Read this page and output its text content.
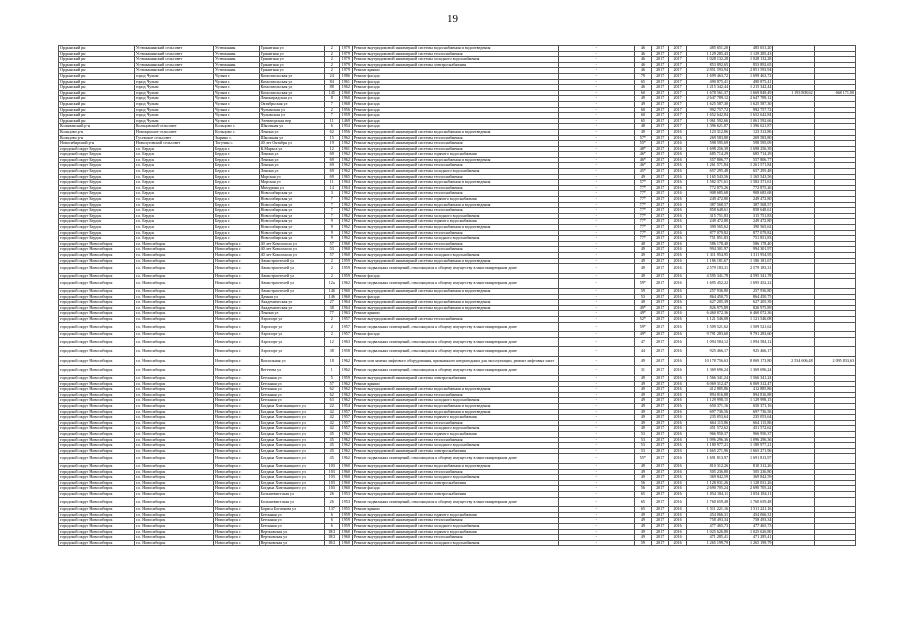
19
Ордынский рн	Устюжанинский сельсовет	Устюжанин.	Гранитная ул	2	1979	Ремонт внутридомовой инженерной системы водоснабжения и водоотведения	-	46	2017	2017	485 651,20	485 651,20		
Ордынский рн	Устюжанинский сельсовет	Устюжанин.	Гранитная ул	2	1979	Ремонт внутридомовой инженерной системы теплоснабжения	-	46	2017	2017	1 129 285,43	1 129 285,43		
Ордынский рн	Устюжанинский сельсовет	Устюжанин.	Гранитная ул	2	1979	Ремонт внутридомовой инженерной системы холодного водоснабжения	-	46	2017	2017	1 028 132,28	1 028 132,28		
Ордынский рн	Устюжанинский сельсовет	Устюжанин.	Гранитная ул	2	1979	Ремонт внутридомовой инженерной системы электроснабжения	-	46	2017	2017	853 892,65	853 892,65		
Ордынский рн	Устюжанинский сельсовет	Устюжанин.	Гранитная ул	2	1979	Ремонт крыши	-	46	2017	2017	2 851 593,94	2 851 593,94		
Ордынский рн	город Чулым	Чулым г.	Комсомольская ул	24	1986	Ремонт фасада	-	79	2017	2017	1 699 463,72	1 699 463,72		
Ордынский рн	город Чулым	Чулым г.	Комсомольская ул	84	1961	Ремонт фасада	-	65	2017	2017	490 875,41	490 875,41		
Ордынский рн	город Чулым	Чулым г.	Комсомольская ул	88	1962	Ремонт фасада	-	46	2017	2017	1 215 342,44	1 215 342,44		
Ордынский рн	город Чулым	Чулым г.	Комсомольская ул	145	1960	Ремонт фасада	-	60	2017	2017	1 678 561,37	1 669 849,49	1 193 808,62	668 171,00
Ордынский рн	город Чулым	Чулым г.	Ленинградская ул	8	1960	Ремонт фасада	-	49	2017	2017	2 647 789,12	2 647 789,12		
Ордынский рн	город Чулым	Чулым г.	Октябрьская ул	7	1968	Ремонт фасада	-	49	2017	2017	1 625 587,30	1 625 587,30		
Ордынский рн	город Чулым	Чулым г.	Чулымская ул	2	1956	Ремонт фасада	-	60	2017	2017	992 757,72	992 757,72		
Ордынский рн	город Чулым	Чулым г.	Чулымская ул	7	1959	Ремонт фасада	-	60	2017	2017	1 652 642,84	1 652 642,84		
Ордынский рн	город Чулым	Чулым г.	Элеваторская пер	11	1469	Ремонт фасада	-	65	2017	2017	1 061 592,66	1 061 592,66		
Колыванский р-н	Кольцовский сельсовет	Кольцово с.	Школьная ул	6	1954	Ремонт фасада	-	48	2017	2017	1 396 621,87	1 396 621,87		
Кольцово р-н	Новокрасное сельсовет	Кольцово с.	Ленина ул	62	1956	Ремонт внутридомовой инженерной системы водоснабжения и водоотведения	-	49	2017	2016	123 312,86	123 312,86		
Кольцово р-н	Гусевское сельсовет	Зырино с.	Школьная ул	15	1962	Ремонт внутридомовой инженерной системы теплоснабжения	-	57*	2017	2016	269 583,80	269 583,80		
Новосибирский р-н	Новолуговской сельсовет	Тогучин с.	40 лет Октября ул	19	1962	Ремонт внутридомовой инженерной системы теплоснабжения	-	55*	2017	2016	598 595,69	598 595,69		
городской округ Бердск	г.о. Бердск	Бердск г.	К.Маркса ул	12	1961	Ремонт внутридомовой инженерной системы теплоснабжения	-	48*	2017	2016	1 698 256,39	1 698 256,39		
городской округ Бердск	г.о. Бердск	Бердск г.	Ленина ул	69	1962	Ремонт внутридомовой инженерной системы горячего водоснабжения	-	46*	2017	2016	685 714,29	685 714,29		
городской округ Бердск	г.о. Бердск	Бердск г.	Ленина ул	69	1962	Ремонт внутридомовой инженерной системы водоснабжения и водоотведения	-	46*	2017	2016	557 806,77	557 806,77		
городской округ Бердск	г.о. Бердск	Бердск г.	Ленина ул	69	1962	Ремонт внутридомовой инженерной системы теплоснабжения	-	46*	2017	2016	1 261 571,84	1 261 571,84		
городской округ Бердск	г.о. Бердск	Бердск г.	Ленина ул	69	1962	Ремонт внутридомовой инженерной системы холодного водоснабжения	-	45*	2017	2016	657 295,48	657 295,48		
городской округ Бердск	г.о. Бердск	Бердск г.	Морская ул	69	1965	Ремонт внутридомовой инженерной системы теплоснабжения	-	49	2017	2016	1 165 543,56	1 165 543,56		
городской округ Бердск	г.о. Бердск	Бердск г.	Морская ул	11	1964	Ремонт внутридомовой инженерной системы водоснабжения и водоотведения	-	57*	2017	2016	1 582 371,61	1 582 371,61		
городской округ Бердск	г.о. Бердск	Бердск г.	Мичурина ул	14	1964	Ремонт внутридомовой инженерной системы теплоснабжения	-	77*	2017	2016	772 875,26	772 875,26		
городской округ Бердск	г.о. Бердск	Бердск г.	Новосибирская ул	3	1962	Ремонт внутридомовой инженерной системы теплоснабжения	-	77*	2017	2016	908 685,68	908 685,68		
городской округ Бердск	г.о. Бердск	Бердск г.	Новосибирская ул	7	1962	Ремонт внутридомовой инженерной системы горячего водоснабжения	-	77*	2017	2016	249 472,80	249 472,80		
городской округ Бердск	г.о. Бердск	Бердск г.	Новосибирская ул	7	1962	Ремонт внутридомовой инженерной системы водоснабжения и водоотведения	-	77*	2017	2016	387 568,57	387 568,57		
городской округ Бердск	г.о. Бердск	Бердск г.	Новосибирская ул	7	1962	Ремонт внутридомовой инженерной системы теплоснабжения	-	77*	2017	2016	858 648,61	858 648,61		
городской округ Бердск	г.о. Бердск	Бердск г.	Новосибирская ул	7	1962	Ремонт внутридомовой инженерной системы холодного водоснабжения	-	77*	2017	2016	315 751,83	315 751,83		
городской округ Бердск	г.о. Бердск	Бердск г.	Новосибирская ул	9	1962	Ремонт внутридомовой инженерной системы горячего водоснабжения	-	77*	2017	2016	249 472,80	249 472,80		
городской округ Бердск	г.о. Бердск	Бердск г.	Новосибирская ул	9	1962	Ремонт внутридомовой инженерной системы водоснабжения и водоотведения	-	77*	2017	2016	390 565,62	390 565,62		
городской округ Бердск	г.о. Бердск	Бердск г.	Новосибирская ул	9	1962	Ремонт внутридомовой инженерной системы теплоснабжения	-	77*	2017	2016	877 079,82	877 079,82		
городской округ Бердск	г.о. Бердск	Бердск г.	Новосибирская ул	9	1962	Ремонт внутридомовой инженерной системы холодного водоснабжения	-	77*	2017	2016	751 851,83	751 851,83		
городской округ Новосибирск	г.о. Новосибирск	Новосибирск г.	40 лет Комсомола ул	57	1960	Ремонт внутридомовой инженерной системы теплоснабжения	-	48	2017	2016	586 178,40	586 178,40		
городской округ Новосибирск	г.о. Новосибирск	Новосибирск г.	40 лет Комсомола ул	53	1960	Ремонт внутридомовой инженерной системы теплоснабжения	-	49	2017	2016	994 301,97	994 301,97		
городской округ Новосибирск	г.о. Новосибирск	Новосибирск г.	40 лет Комсомола ул	57	1960	Ремонт внутридомовой инженерной системы холодного водоснабжения	-	49	2017	2016	1 311 954,95	1 311 954,95		
городской округ Новосибирск	г.о. Новосибирск	Новосибирск г.	Авиастроителей ул	2	1959	Ремонт внутридомовой инженерной системы водоснабжения и водоотведения	-	49	2017	2016	1 186 181,67	1 186 181,67		
городской округ Новосибирск	г.о. Новосибирск	Новосибирск г.	Авиастроителей ул	2	1959	Ремонт подвальных помещений, относящихся к общему имуществу в многоквартирном доме	-	49	2017	2016	2 579 183,31	2 579 183,31		
городской округ Новосибирск	г.о. Новосибирск	Новосибирск г.	Авиастроителей ул	2	1959	Ремонт фасада	-	49	2017	2016	4 595 341,78	4 595 341,78		
городской округ Новосибирск	г.о. Новосибирск	Новосибирск г.	Авиастроителей ул	12а	1962	Ремонт подвальных помещений, относящихся к общему имуществу в многоквартирном доме	-	59*	2017	2016	1 695 452,22	1 695 452,22		
городской округ Новосибирск	г.о. Новосибирск	Новосибирск г.	Авиастроителей ул	146	1960	Ремонт внутридомовой инженерной системы водоснабжения и водоотведения	-	59	2017	2016	257 936,80	257 936,80		
городской округ Новосибирск	г.о. Новосибирск	Новосибирск г.	Дачная ул	146	1960	Ремонт фасада	-	53	2017	2016	864 450,75	864 450,75		
городской округ Новосибирск	г.о. Новосибирск	Новосибирск г.	Академическая ул	27	1964	Ремонт внутридомовой инженерной системы водоснабжения и водоотведения	-	49	2017	2016	627 205,39	627 205,39		
городской округ Новосибирск	г.о. Новосибирск	Новосибирск г.	Академическая ул	38	1964	Ремонт внутридомовой инженерной системы водоснабжения и водоотведения	-	49*	2017	2016	826 975,89	826 975,89		
городской округ Новосибирск	г.о. Новосибирск	Новосибирск г.	Ленина ул	77	1963	Ремонт крыши	-	49*	2017	2016	6 460 072,36	6 460 072,36		
городской округ Новосибирск	г.о. Новосибирск	Новосибирск г.	Аэропорт ул	2	1957	Ремонт внутридомовой инженерной системы теплоснабжения	-	52*	2017	2016	1 121 546,08	1 121 546,08		
городской округ Новосибирск	г.о. Новосибирск	Новосибирск г.	Аэропорт ул	2	1957	Ремонт подвальных помещений, относящихся к общему имуществу в многоквартирном доме	-	59*	2017	2016	1 509 521,62	1 509 521,62		
городской округ Новосибирск	г.о. Новосибирск	Новосибирск г.	Аэропорт ул	2	1957	Ремонт фасада	-	49*	2017	2016	9 791 283,60	9 791 283,60		
городской округ Новосибирск	г.о. Новосибирск	Новосибирск г.	Аэропорт ул	12	1963	Ремонт подвальных помещений, относящихся к общему имуществу в многоквартирном доме	-	47	2017	2016	1 094 584,12	1 094 584,12		
городской округ Новосибирск	г.о. Новосибирск	Новосибирск г.	Аэропорт ул	38	1958	Ремонт подвальных помещений, относящихся к общему имуществу в многоквартирном доме	-	44	2017	2016	925 466,17	925 466,17		
городской округ Новосибирск	г.о. Новосибирск	Новосибирск г.	Вокзальная ул	18	1962	Ремонт или замена лифтового оборудования, признанного непригодным для эксплуатации, ремонт лифтовых шахт	-	49	2017	2016	10 178 756,63	8 069 173,80	2 534 606,48	2 095 833,63
городской округ Новосибирск	г.о. Новосибирск	Новосибирск г.	Вегетова ул	1	1962	Ремонт подвальных помещений, относящихся к общему имуществу в многоквартирном доме	-	31	2017	2016	1 369 696,24	1 369 696,24		
городской округ Новосибирск	г.о. Новосибирск	Новосибирск г.	Бетонная ул	5	1959	Ремонт внутридомовой инженерной системы электроснабжения	-	49	2017	2016	1 566 341,24	1 566 341,24		
городской округ Новосибирск	г.о. Новосибирск	Новосибирск г.	Бетонная ул	57	1962	Ремонт крыши	-	49	2017	2016	6 069 312,47	6 069 312,47		
городской округ Новосибирск	г.о. Новосибирск	Новосибирск г.	Бетонная ул	62	1962	Ремонт внутридомовой инженерной системы водоснабжения и водоотведения	-	49	2017	2016	412 885,86	412 885,86		
городской округ Новосибирск	г.о. Новосибирск	Новосибирск г.	Бетонная ул	62	1962	Ремонт внутридомовой инженерной системы теплоснабжения	-	49	2017	2016	894 816,88	894 816,88		
городской округ Новосибирск	г.о. Новосибирск	Новосибирск г.	Бетонная ул	63	1962	Ремонт внутридомовой инженерной системы холодного водоснабжения	-	49	2017	2016	1 129 998,15	1 129 998,15		
городской округ Новосибирск	г.о. Новосибирск	Новосибирск г.	Богдана Хмельницкого ул	22	1954	Ремонт внутридомовой инженерной системы водоснабжения и водоотведения	-	49	2017	2016	650 371,16	650 371,16		
городской округ Новосибирск	г.о. Новосибирск	Новосибирск г.	Богдана Хмельницкого ул	42	1957	Ремонт внутридомовой инженерной системы водоснабжения и водоотведения	-	49	2017	2016	697 736,56	697 736,56		
городской округ Новосибирск	г.о. Новосибирск	Новосибирск г.	Богдана Хмельницкого ул	42	1957	Ремонт внутридомовой инженерной системы горячего водоснабжения	-	49	2017	2016	235 053,64	235 053,64		
городской округ Новосибирск	г.о. Новосибирск	Новосибирск г.	Богдана Хмельницкого ул	42	1957	Ремонт внутридомовой инженерной системы теплоснабжения	-	49	2017	2016	664 115,86	664 115,86		
городской округ Новосибирск	г.о. Новосибирск	Новосибирск г.	Богдана Хмельницкого ул	42	1957	Ремонт внутридомовой инженерной системы холодного водоснабжения	-	49	2017	2016	451 572,62	451 572,62		
городской округ Новосибирск	г.о. Новосибирск	Новосибирск г.	Богдана Хмельницкого ул	45	1962	Ремонт внутридомовой инженерной системы горячего водоснабжения	-	53	2017	2016	966 950,37	966 950,37		
городской округ Новосибирск	г.о. Новосибирск	Новосибирск г.	Богдана Хмельницкого ул	45	1962	Ремонт внутридомовой инженерной системы теплоснабжения	-	53	2017	2016	1 096 296,36	1 096 296,36		
городской округ Новосибирск	г.о. Новосибирск	Новосибирск г.	Богдана Хмельницкого ул	45	1962	Ремонт внутридомовой инженерной системы холодного водоснабжения	-	53	2017	2016	1 180 977,21	1 180 977,21		
городской округ Новосибирск	г.о. Новосибирск	Новосибирск г.	Богдана Хмельницкого ул	45	1962	Ремонт внутридомовой инженерной системы электроснабжения	-	53	2017	2016	1 665 271,96	1 665 271,96		
городской округ Новосибирск	г.о. Новосибирск	Новосибирск г.	Богдана Хмельницкого ул	45	1962	Ремонт подвальных помещений, относящихся к общему имуществу в многоквартирном доме	-	55*	2017	2016	1 691 813,97	1 691 813,97		
городской округ Новосибирск	г.о. Новосибирск	Новосибирск г.	Богдана Хмельницкого ул	103	1960	Ремонт внутридомовой инженерной системы водоснабжения и водоотведения	-	49	2017	2016	810 312,26	810 312,26		
городской округ Новосибирск	г.о. Новосибирск	Новосибирск г.	Богдана Хмельницкого ул	103	1960	Ремонт внутридомовой инженерной системы теплоснабжения	-	49	2017	2016	505 236,80	505 236,80		
городской округ Новосибирск	г.о. Новосибирск	Новосибирск г.	Богдана Хмельницкого ул	103	1960	Ремонт внутридомовой инженерной системы холодного водоснабжения	-	49	2017	2016	369 842,59	369 842,59		
городской округ Новосибирск	г.о. Новосибирск	Новосибирск г.	Богдана Хмельницкого ул	103	1960	Ремонт внутридомовой инженерной системы электроснабжения	-	56	2017	2016	1 128 031,26	1 128 031,26		
городской округ Новосибирск	г.о. Новосибирск	Новосибирск г.	Богдана Хмельницкого ул	103	1960	Ремонт фасада	-	56	2017	2016	2 690 705,24	2 690 705,24		
городской округ Новосибирск	г.о. Новосибирск	Новосибирск г.	Большевистская ул	26	1953	Ремонт внутридомовой инженерной системы электроснабжения	-	65	2017	2016	1 054 184,11	1 054 184,11		
городской округ Новосибирск	г.о. Новосибирск	Новосибирск г.	Большевистская ул	26	1953	Ремонт подвальных помещений, относящихся к общему имуществу в многоквартирном доме	-	65	2017	2016	1 760 659,48	1 760 659,48		
городской округ Новосибирск	г.о. Новосибирск	Новосибирск г.	Бориса Богаткова ул	137	1955	Ремонт крыши	-	65	2017	2016	1 511 221,16	1 511 221,16		
городской округ Новосибирск	г.о. Новосибирск	Новосибирск г.	Бетонная ул	6	1959	Ремонт внутридомовой инженерной системы горячего водоснабжения	-	49	2017	2016	454 066,31	454 066,31		
городской округ Новосибирск	г.о. Новосибирск	Новосибирск г.	Бетонная ул	6	1959	Ремонт внутридомовой инженерной системы теплоснабжения	-	49	2017	2016	758 493,34	758 493,34		
городской округ Новосибирск	г.о. Новосибирск	Новосибирск г.	Бетонная ул	6	1959	Ремонт внутридомовой инженерной системы холодного водоснабжения	-	49	2017	2016	477 465,73	477 465,73		
городской округ Новосибирск	г.о. Новосибирск	Новосибирск г.	Вертковская ул	18/2	1960	Ремонт внутридомовой инженерной системы горячего водоснабжения	-	49	2017	2016	1 025 626,80	1 025 626,80		
городской округ Новосибирск	г.о. Новосибирск	Новосибирск г.	Вертковская ул	18/2	1960	Ремонт внутридомовой инженерной системы теплоснабжения	-	49	2017	2016	471 285,41	471 285,41		
городской округ Новосибирск	г.о. Новосибирск	Новосибирск г.	Вертковская ул	18/2	1960	Ремонт внутридомовой инженерной системы холодного водоснабжения	-	59	2017	2016	1 265 199,79	1 265 199,79		
